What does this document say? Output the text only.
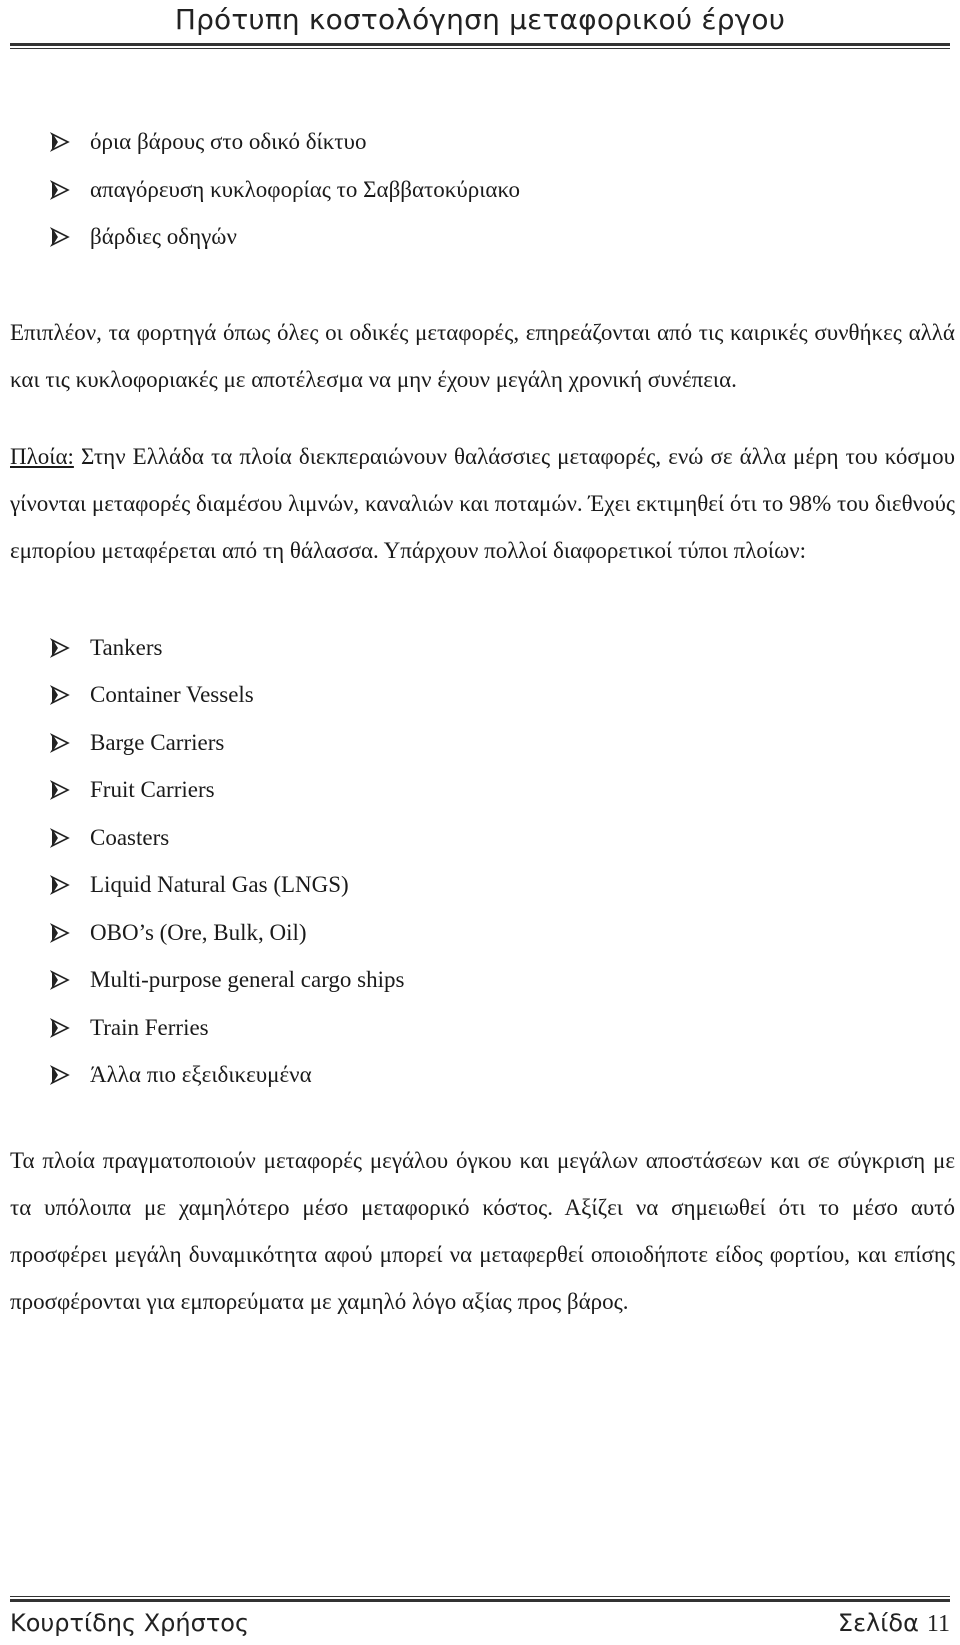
Πρότυπη κοστολόγηση μεταφορικού έργου
όρια βάρους στο οδικό δίκτυο
απαγόρευση κυκλοφορίας το Σαββατοκύριακο
βάρδιες οδηγών

Επιπλέον, τα φορτηγά όπως όλες οι οδικές μεταφορές, επηρεάζονται από τις καιρικές συνθήκες αλλά και τις κυκλοφοριακές με αποτέλεσμα να μην έχουν μεγάλη χρονική συνέπεια.

Πλοία: Στην Ελλάδα τα πλοία διεκπεραιώνουν θαλάσσιες μεταφορές, ενώ σε άλλα μέρη του κόσμου γίνονται μεταφορές διαμέσου λιμνών, καναλιών και ποταμών. Έχει εκτιμηθεί ότι το 98% του διεθνούς εμπορίου μεταφέρεται από τη θάλασσα. Υπάρχουν πολλοί διαφορετικοί τύποι πλοίων:

Tankers
Container Vessels
Barge Carriers
Fruit Carriers
Coasters
Liquid Natural Gas (LNGS)
OBO’s (Ore, Bulk, Oil)
Multi-purpose general cargo ships
Train Ferries
Άλλα πιο εξειδικευμένα

Τα πλοία πραγματοποιούν μεταφορές μεγάλου όγκου και μεγάλων αποστάσεων και σε σύγκριση με τα υπόλοιπα με χαμηλότερο μέσο μεταφορικό κόστος. Αξίζει να σημειωθεί ότι το μέσο αυτό προσφέρει μεγάλη δυναμικότητα αφού μπορεί να μεταφερθεί οποιοδήποτε είδος φορτίου, και επίσης προσφέρονται για εμπορεύματα με χαμηλό λόγο αξίας προς βάρος.

Κουρτίδης Χρήστος	Σελίδα 11
